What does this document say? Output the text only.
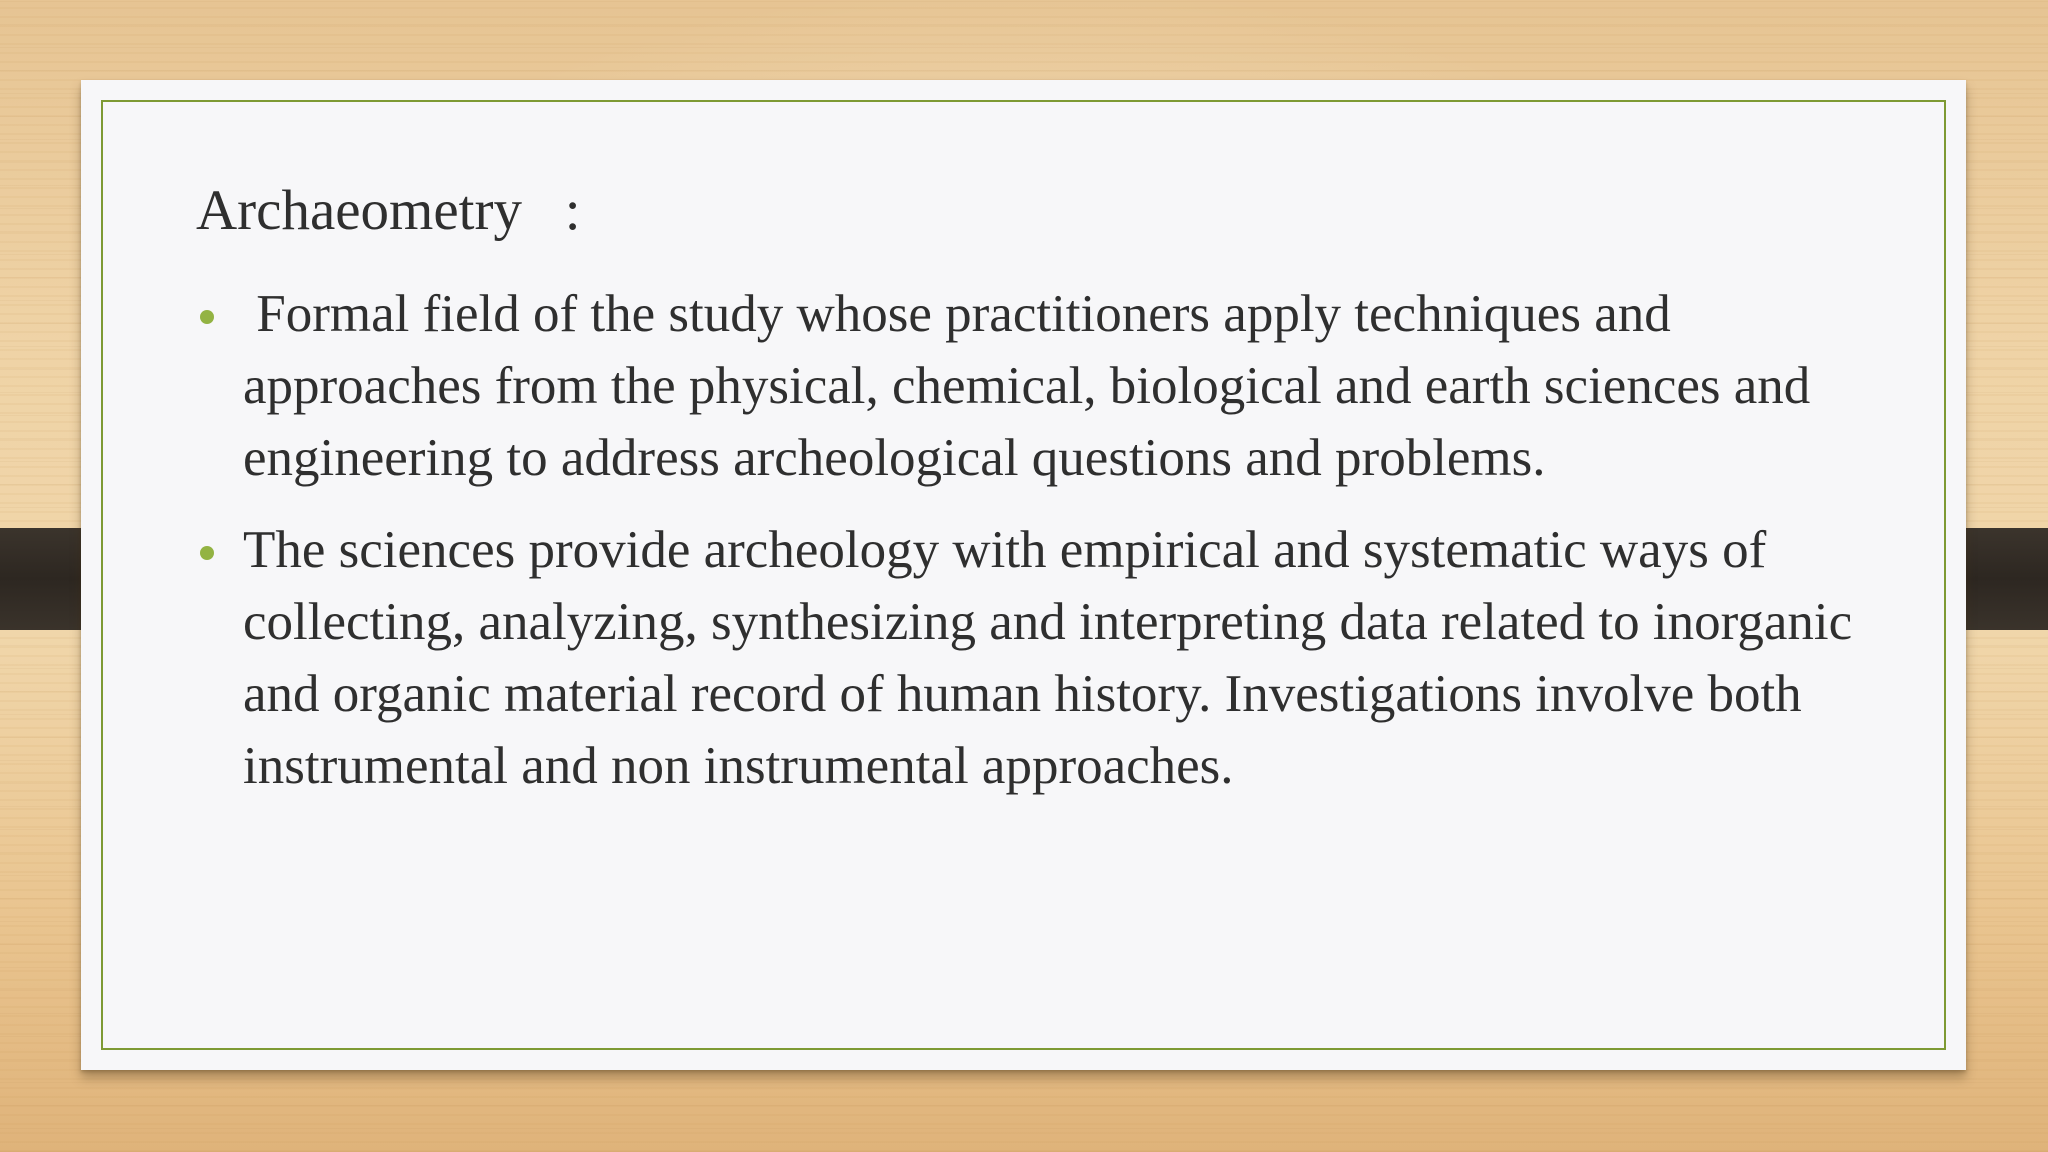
Archaeometry   :
Formal field of the study whose practitioners apply techniques and approaches from the physical, chemical, biological and earth sciences and engineering to address archeological questions and problems.
The sciences provide archeology with empirical and systematic ways of collecting, analyzing, synthesizing and interpreting data related to inorganic and organic material record of human history. Investigations involve both instrumental and non instrumental approaches.
